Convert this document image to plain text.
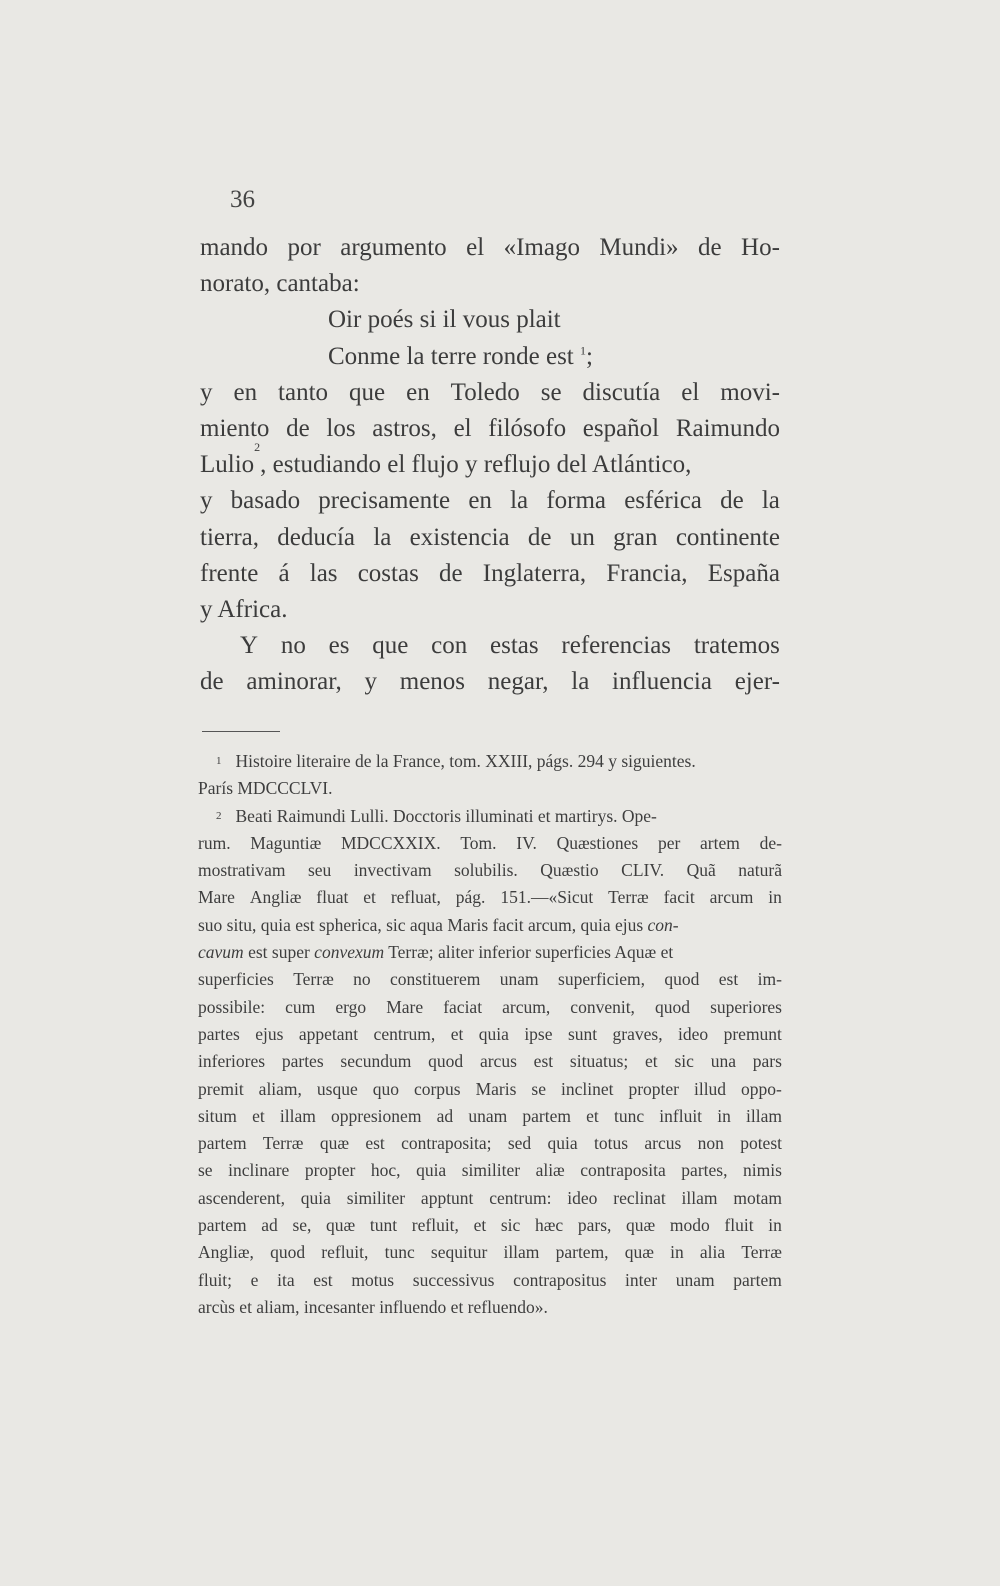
36
mando por argumento el «Imago Mundi» de Ho-
norato, cantaba:
Oir poés si il vous plait
Conme la terre ronde est $^1$;
y en tanto que en Toledo se discutía el movi-
miento de los astros, el filósofo español Raimundo
Lulio
2
, estudiando el flujo y reflujo del Atlántico,
y basado precisamente en la forma esférica de la
tierra, deducía la existencia de un gran continente
frente á las costas de Inglaterra, Francia, España
y Africa.
Y no es que con estas referencias tratemos
de aminorar, y menos negar, la influencia ejer-
$^1$ Histoire literaire de la France, tom. XXIII, págs. 294 y siguientes.
París MDCCCLVI.
$^2$ Beati Raimundi Lulli. Docctoris illuminati et martirys. Ope-
rum. Maguntiæ MDCCXXIX. Tom. IV. Quæstiones per artem de-
mostrativam seu invectivam solubilis. Quæstio CLIV. Quã naturã
Mare Angliæ fluat et refluat, pág. 151.—«Sicut Terræ facit arcum in
suo situ, quia est spherica, sic aqua Maris facit arcum, quia ejus con-
cavum est super convexum Terræ; aliter inferior superficies Aquæ et
superficies Terræ no constituerem unam superficiem, quod est im-
possibile: cum ergo Mare faciat arcum, convenit, quod superiores
partes ejus appetant centrum, et quia ipse sunt graves, ideo premunt
inferiores partes secundum quod arcus est situatus; et sic una pars
premit aliam, usque quo corpus Maris se inclinet propter illud oppo-
situm et illam oppresionem ad unam partem et tunc influit in illam
partem Terræ quæ est contraposita; sed quia totus arcus non potest
se inclinare propter hoc, quia similiter aliæ contraposita partes, nimis
ascenderent, quia similiter apptunt centrum: ideo reclinat illam motam
partem ad se, quæ tunt refluit, et sic hæc pars, quæ modo fluit in
Angliæ, quod refluit, tunc sequitur illam partem, quæ in alia Terræ
fluit; e ita est motus successivus contrapositus inter unam partem
arcùs et aliam, incesanter influendo et refluendo».
